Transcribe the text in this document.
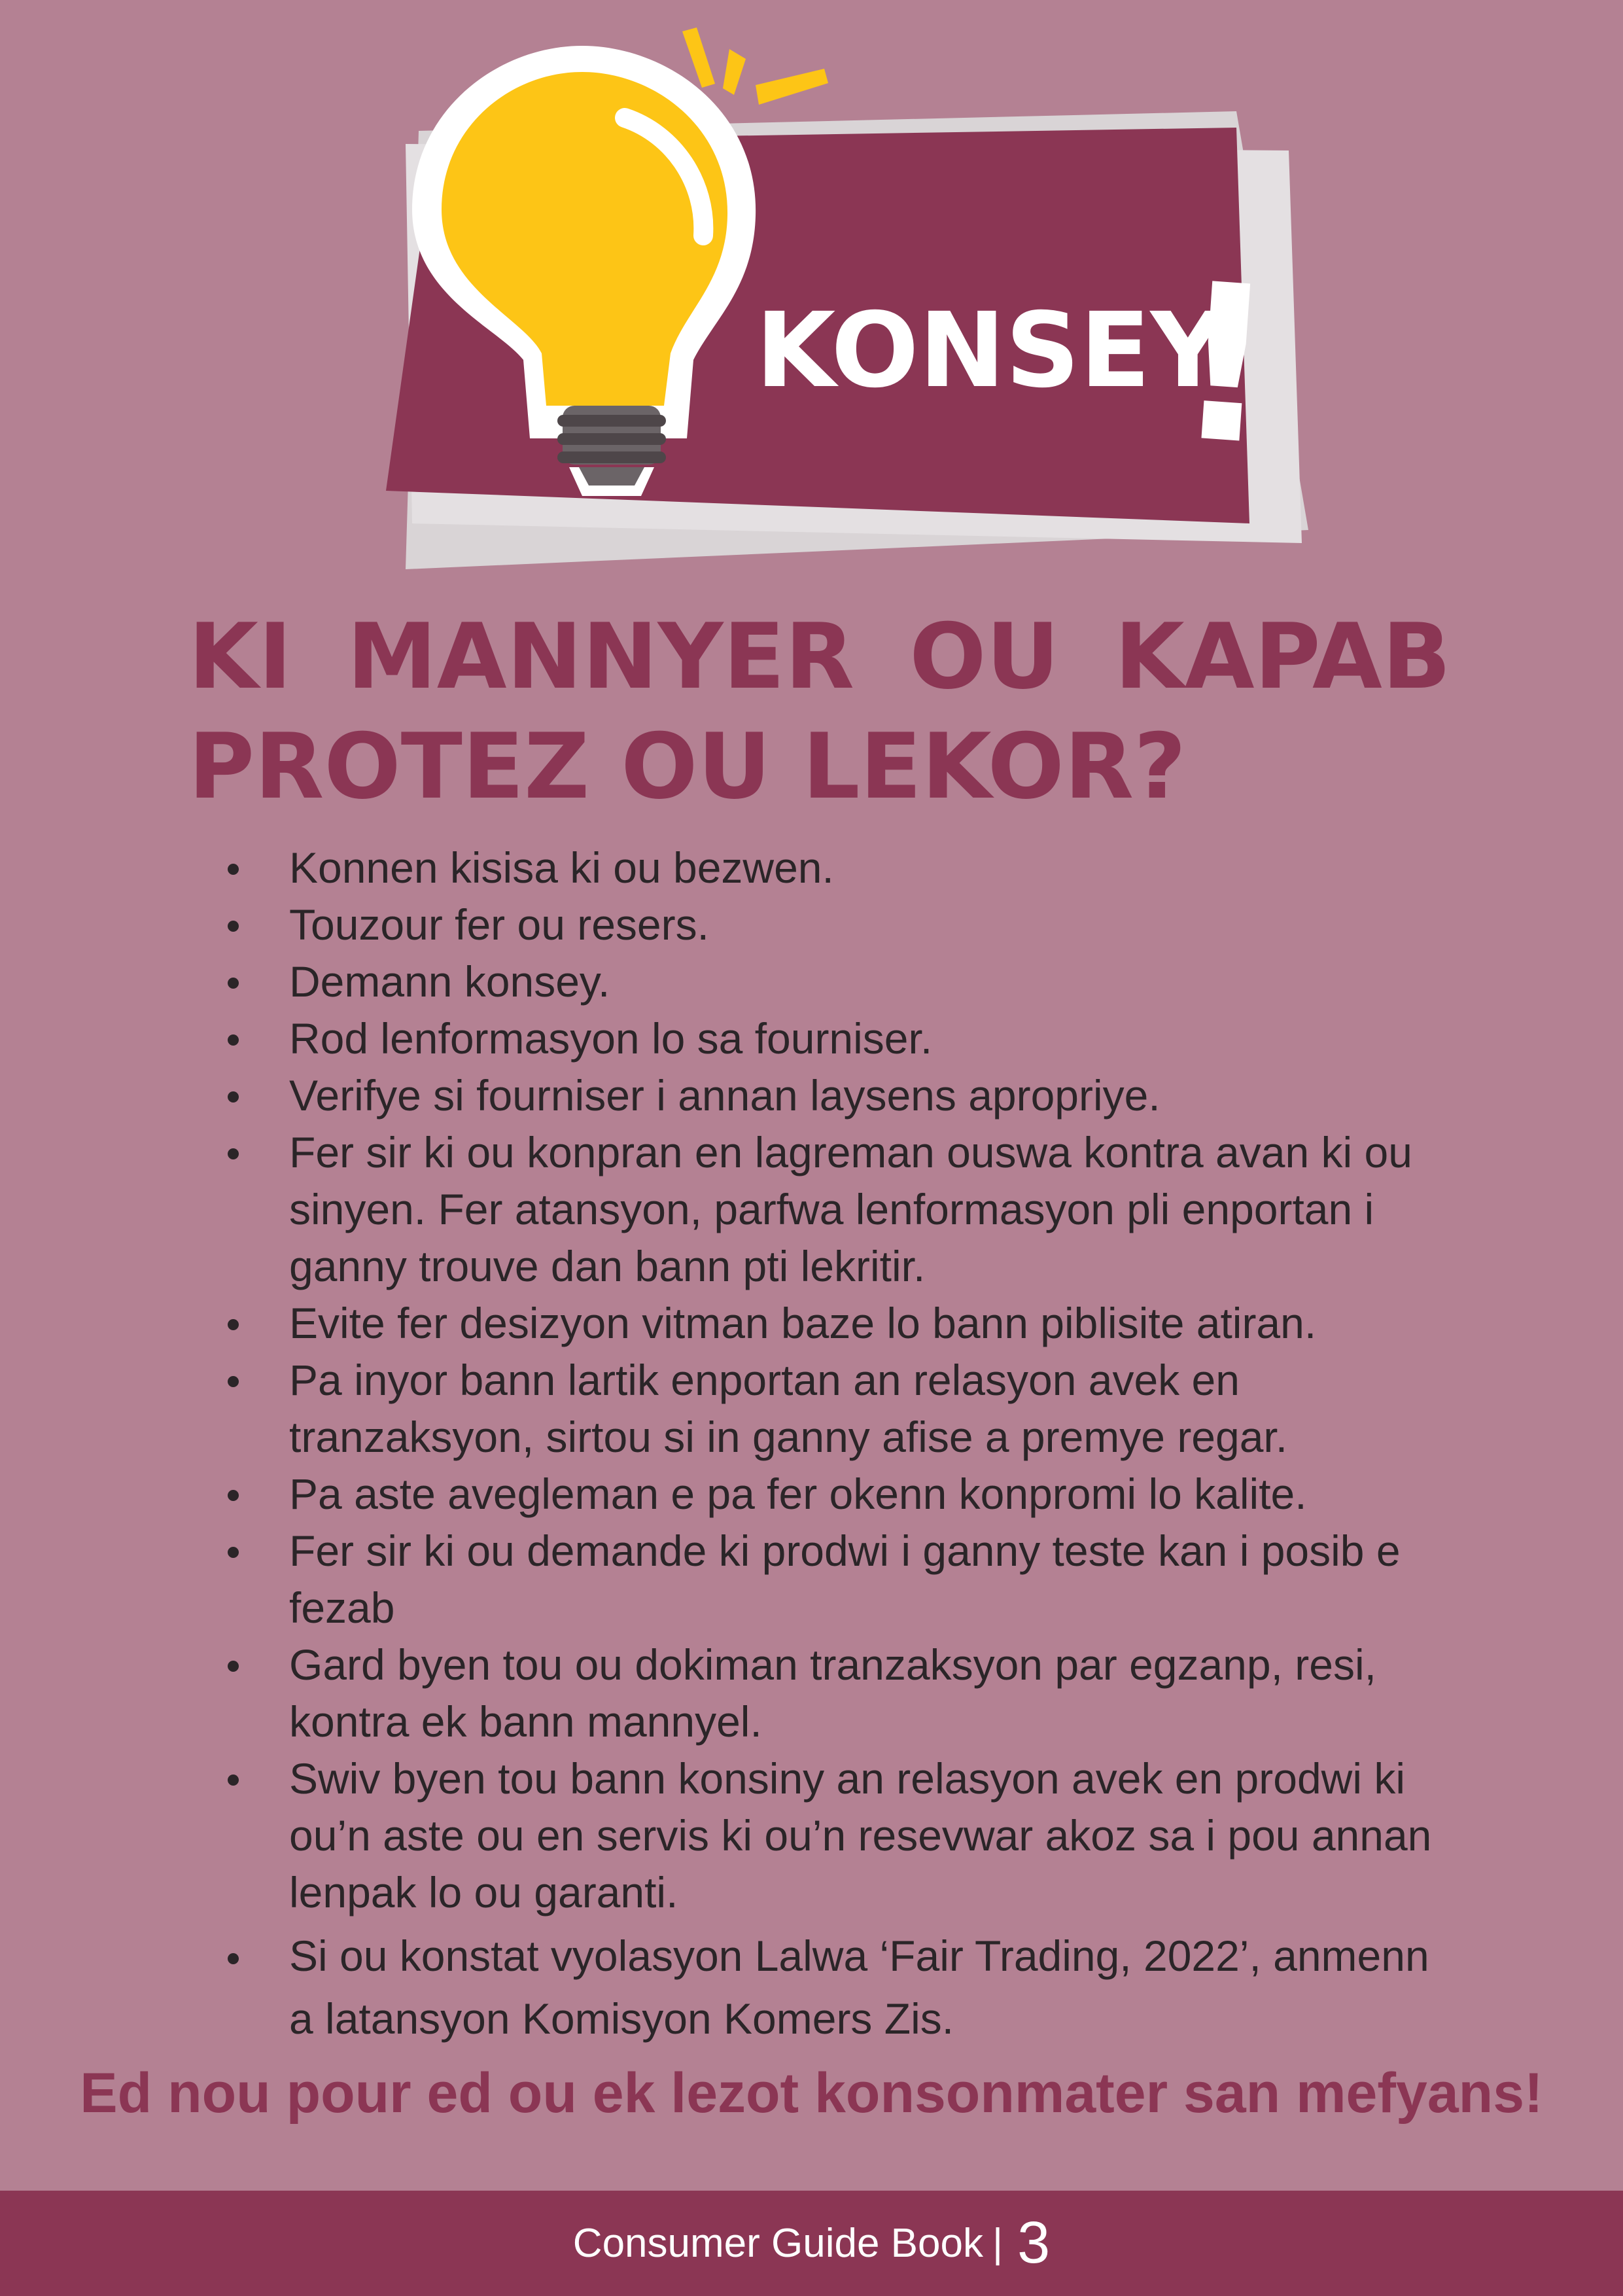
KONSEY
!
KI MANNYER OU KAPAB PROTEZ OU LEKOR?
Konnen kisisa ki ou bezwen.
Touzour fer ou resers.
Demann konsey.
Rod lenformasyon lo sa fourniser.
Verifye si fourniser i annan laysens apropriye.
Fer sir ki ou konpran en lagreman ouswa kontra avan ki ou sinyen. Fer atansyon, parfwa lenformasyon pli enportan i ganny trouve dan bann pti lekritir.
Evite fer desizyon vitman baze lo bann piblisite atiran.
Pa inyor bann lartik enportan an relasyon avek en tranzaksyon, sirtou si in ganny afise a premye regar.
Pa aste avegleman e pa fer okenn konpromi lo kalite.
Fer sir ki ou demande ki prodwi i ganny teste kan i posib e fezab
Gard byen tou ou dokiman tranzaksyon par egzanp, resi, kontra ek bann mannyel.
Swiv byen tou bann konsiny an relasyon avek en prodwi ki ou’n aste ou en servis ki ou’n resevwar akoz sa i pou annan lenpak lo ou garanti.
Si ou konstat vyolasyon Lalwa ‘Fair Trading, 2022’, anmenn a latansyon Komisyon Komers Zis.

Ed nou pour ed ou ek lezot konsonmater san mefyans!

Consumer Guide Book | 3
